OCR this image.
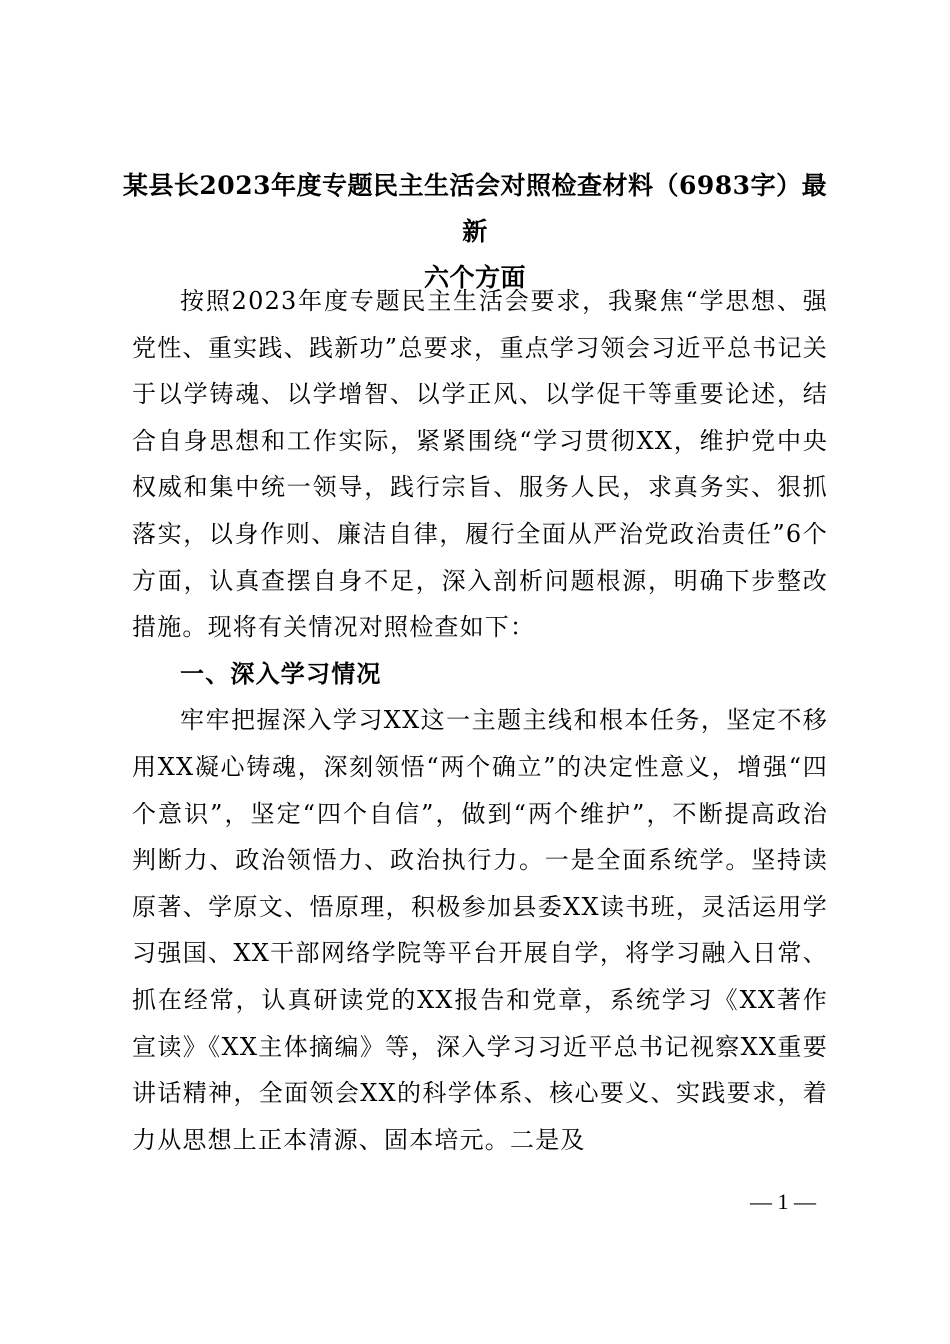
某县长2023年度专题民主生活会对照检查材料（6983字）最新
六个方面

按照2023年度专题民主生活会要求，我聚焦“学思想、强党性、重实践、践新功”总要求，重点学习领会习近平总书记关于以学铸魂、以学增智、以学正风、以学促干等重要论述，结合自身思想和工作实际，紧紧围绕“学习贯彻XX，维护党中央权威和集中统一领导，践行宗旨、服务人民，求真务实、狠抓落实，以身作则、廉洁自律，履行全面从严治党政治责任”6个方面，认真查摆自身不足，深入剖析问题根源，明确下步整改措施。现将有关情况对照检查如下：

一、深入学习情况

牢牢把握深入学习XX这一主题主线和根本任务，坚定不移用XX凝心铸魂，深刻领悟“两个确立”的决定性意义，增强“四个意识”，坚定“四个自信”，做到“两个维护”，不断提高政治判断力、政治领悟力、政治执行力。一是全面系统学。坚持读原著、学原文、悟原理，积极参加县委XX读书班，灵活运用学习强国、XX干部网络学院等平台开展自学，将学习融入日常、抓在经常，认真研读党的XX报告和党章，系统学习《XX著作宣读》《XX主体摘编》等，深入学习习近平总书记视察XX重要讲话精神，全面领会XX的科学体系、核心要义、实践要求，着力从思想上正本清源、固本培元。二是及

— 1 —
